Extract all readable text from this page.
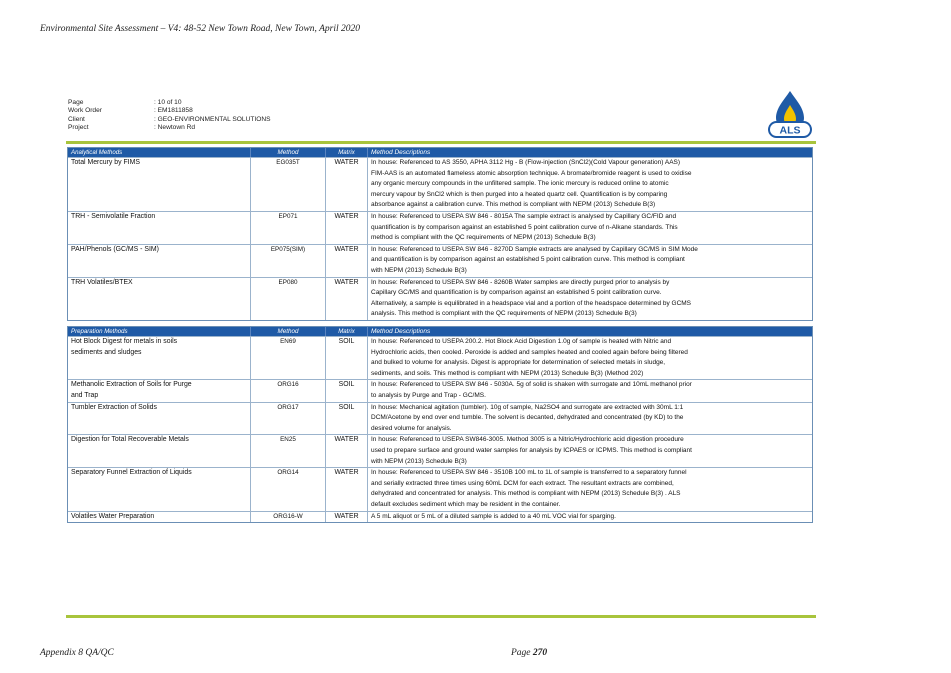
Environmental Site Assessment – V4: 48-52 New Town Road, New Town, April 2020
Page	: 10 of 10
Work Order	: EM1811858
Client	: GEO-ENVIRONMENTAL SOLUTIONS
Project	: Newtown Rd	ALS
Analytical Methods	Method	Matrix	Method Descriptions
Total Mercury by FIMS	EG035T	WATER	In house: Referenced to AS 3550, APHA 3112 Hg - B (Flow-injection (SnCl2)(Cold Vapour generation) AAS)
FIM-AAS is an automated flameless atomic absorption technique. A bromate/bromide reagent is used to oxidise
any organic mercury compounds in the unfiltered sample. The ionic mercury is reduced online to atomic
mercury vapour by SnCl2 which is then purged into a heated quartz cell. Quantification is by comparing
absorbance against a calibration curve. This method is compliant with NEPM (2013) Schedule B(3)
TRH - Semivolatile Fraction	EP071	WATER	In house: Referenced to USEPA SW 846 - 8015A The sample extract is analysed by Capillary GC/FID and
quantification is by comparison against an established 5 point calibration curve of n-Alkane standards. This
method is compliant with the QC requirements of NEPM (2013) Schedule B(3)
PAH/Phenols (GC/MS - SIM)	EP075(SIM)	WATER	In house: Referenced to USEPA SW 846 - 8270D Sample extracts are analysed by Capillary GC/MS in SIM Mode
and quantification is by comparison against an established 5 point calibration curve. This method is compliant
with NEPM (2013) Schedule B(3)
TRH Volatiles/BTEX	EP080	WATER	In house: Referenced to USEPA SW 846 - 8260B Water samples are directly purged prior to analysis by
Capillary GC/MS and quantification is by comparison against an established 5 point calibration curve.
Alternatively, a sample is equilibrated in a headspace vial and a portion of the headspace determined by GCMS
analysis. This method is compliant with the QC requirements of NEPM (2013) Schedule B(3)
Preparation Methods	Method	Matrix	Method Descriptions
Hot Block Digest for metals in soils
sediments and sludges
EN69	SOIL	In house: Referenced to USEPA 200.2. Hot Block Acid Digestion 1.0g of sample is heated with Nitric and
Hydrochloric acids, then cooled. Peroxide is added and samples heated and cooled again before being filtered
and bulked to volume for analysis. Digest is appropriate for determination of selected metals in sludge,
sediments, and soils. This method is compliant with NEPM (2013) Schedule B(3) (Method 202)
Methanolic Extraction of Soils for Purge
and Trap
ORG16	SOIL	In house: Referenced to USEPA SW 846 - 5030A. 5g of solid is shaken with surrogate and 10mL methanol prior
to analysis by Purge and Trap - GC/MS.
Tumbler Extraction of Solids	ORG17	SOIL	In house: Mechanical agitation (tumbler). 10g of sample, Na2SO4 and surrogate are extracted with 30mL 1:1
DCM/Acetone by end over end tumble. The solvent is decanted, dehydrated and concentrated (by KD) to the
desired volume for analysis.
Digestion for Total Recoverable Metals	EN25	WATER	In house: Referenced to USEPA SW846-3005. Method 3005 is a Nitric/Hydrochloric acid digestion procedure
used to prepare surface and ground water samples for analysis by ICPAES or ICPMS. This method is compliant
with NEPM (2013) Schedule B(3)
Separatory Funnel Extraction of Liquids	ORG14	WATER	In house: Referenced to USEPA SW 846 - 3510B 100 mL to 1L of sample is transferred to a separatory funnel
and serially extracted three times using 60mL DCM for each extract. The resultant extracts are combined,
dehydrated and concentrated for analysis. This method is compliant with NEPM (2013) Schedule B(3) . ALS
default excludes sediment which may be resident in the container.
Volatiles Water Preparation	ORG16-W	WATER	A 5 mL aliquot or 5 mL of a diluted sample is added to a 40 mL VOC vial for sparging.
Appendix 8 QA/QC	Page 270
